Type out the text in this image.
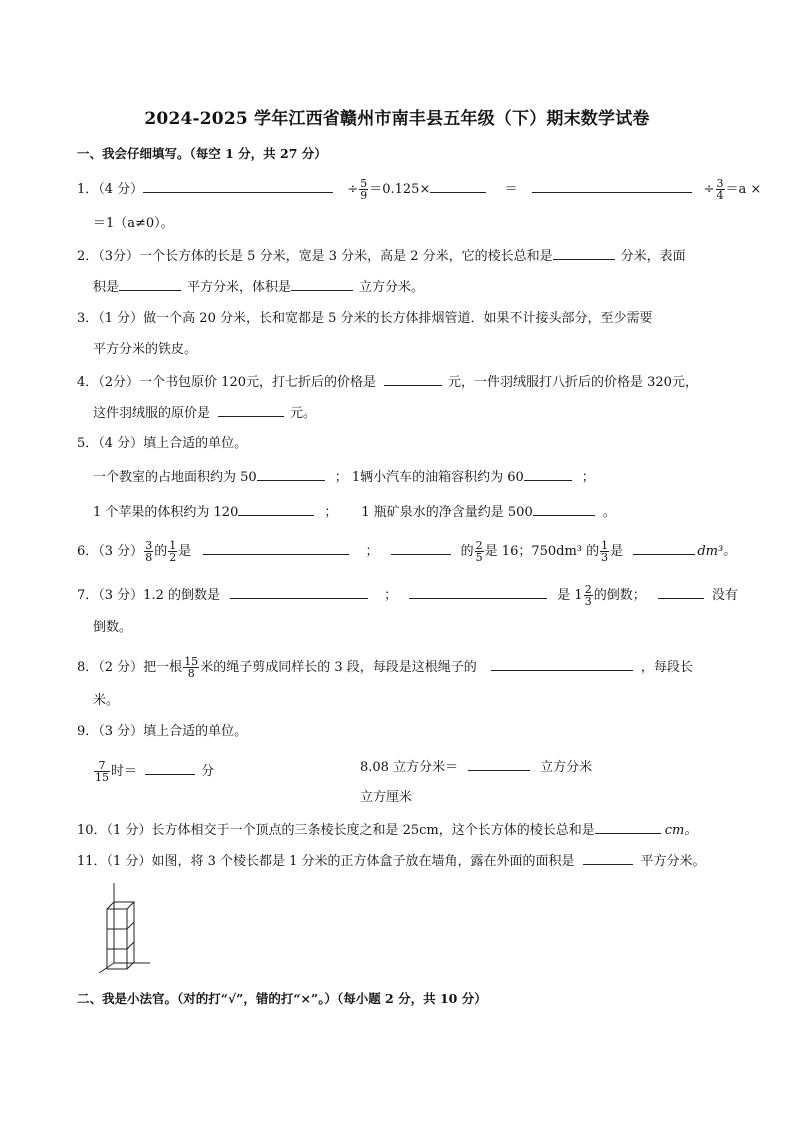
2024-2025 学年江西省赣州市南丰县五年级（下）期末数学试卷
一、我会仔细填写。（每空 1 分，共 27 分）
1．（4 分）	÷ $\frac{5}{9} =0.125\times$	＝	÷ $\frac{3}{4} =a$ ×
＝1（a≠0）。
2．（3分）一个长方体的长是 5 分米，宽是 3 分米，高是 2 分米，它的棱长总和是	分米，表面
积是	平方分米，体积是	立方分米。
3．（1 分）做一个高 20 分米，长和宽都是 5 分米的长方体排烟管道．如果不计接头部分，至少需要
平方分米的铁皮。
4．（2分）一个书包原价 120元，打七折后的价格是	元，一件羽绒服打八折后的价格是 320元，
这件羽绒服的原价是	元。
5．（4 分）填上合适的单位。
一个教室的占地面积约为 50	； 1辆小汽车的油箱容积约为 60	；
1 个苹果的体积约为 120	； 1 瓶矿泉水的净含量约是 500	。
6．（3 分） $\frac{3}{8}$ 的 $\frac{1}{2}$ 是	；	的 $\frac{2}{5}$ 是 16；750dm³ 的 $\frac{1}{3}$ 是	dm³。
7．（3 分）1.2 的倒数是	；	是 $1 \frac{2}{3}$ 的倒数；	没有
倒数。
8．（2 分）把一根 $\frac{15}{8}$ 米的绳子剪成同样长的 3 段，每段是这根绳子的	，每段长
米。
9．（3 分）填上合适的单位。
$\frac{7}{15}$ 时＝	分	8.08 立方分米＝	立方分米
立方厘米
10．（1 分）长方体相交于一个顶点的三条棱长度之和是 25cm，这个长方体的棱长总和是	cm。
11．（1 分）如图，将 3 个棱长都是 1 分米的正方体盒子放在墙角，露在外面的面积是	平方分米。
二、我是小法官。（对的打“√”，错的打“×”。）（每小题 2 分，共 10 分）
